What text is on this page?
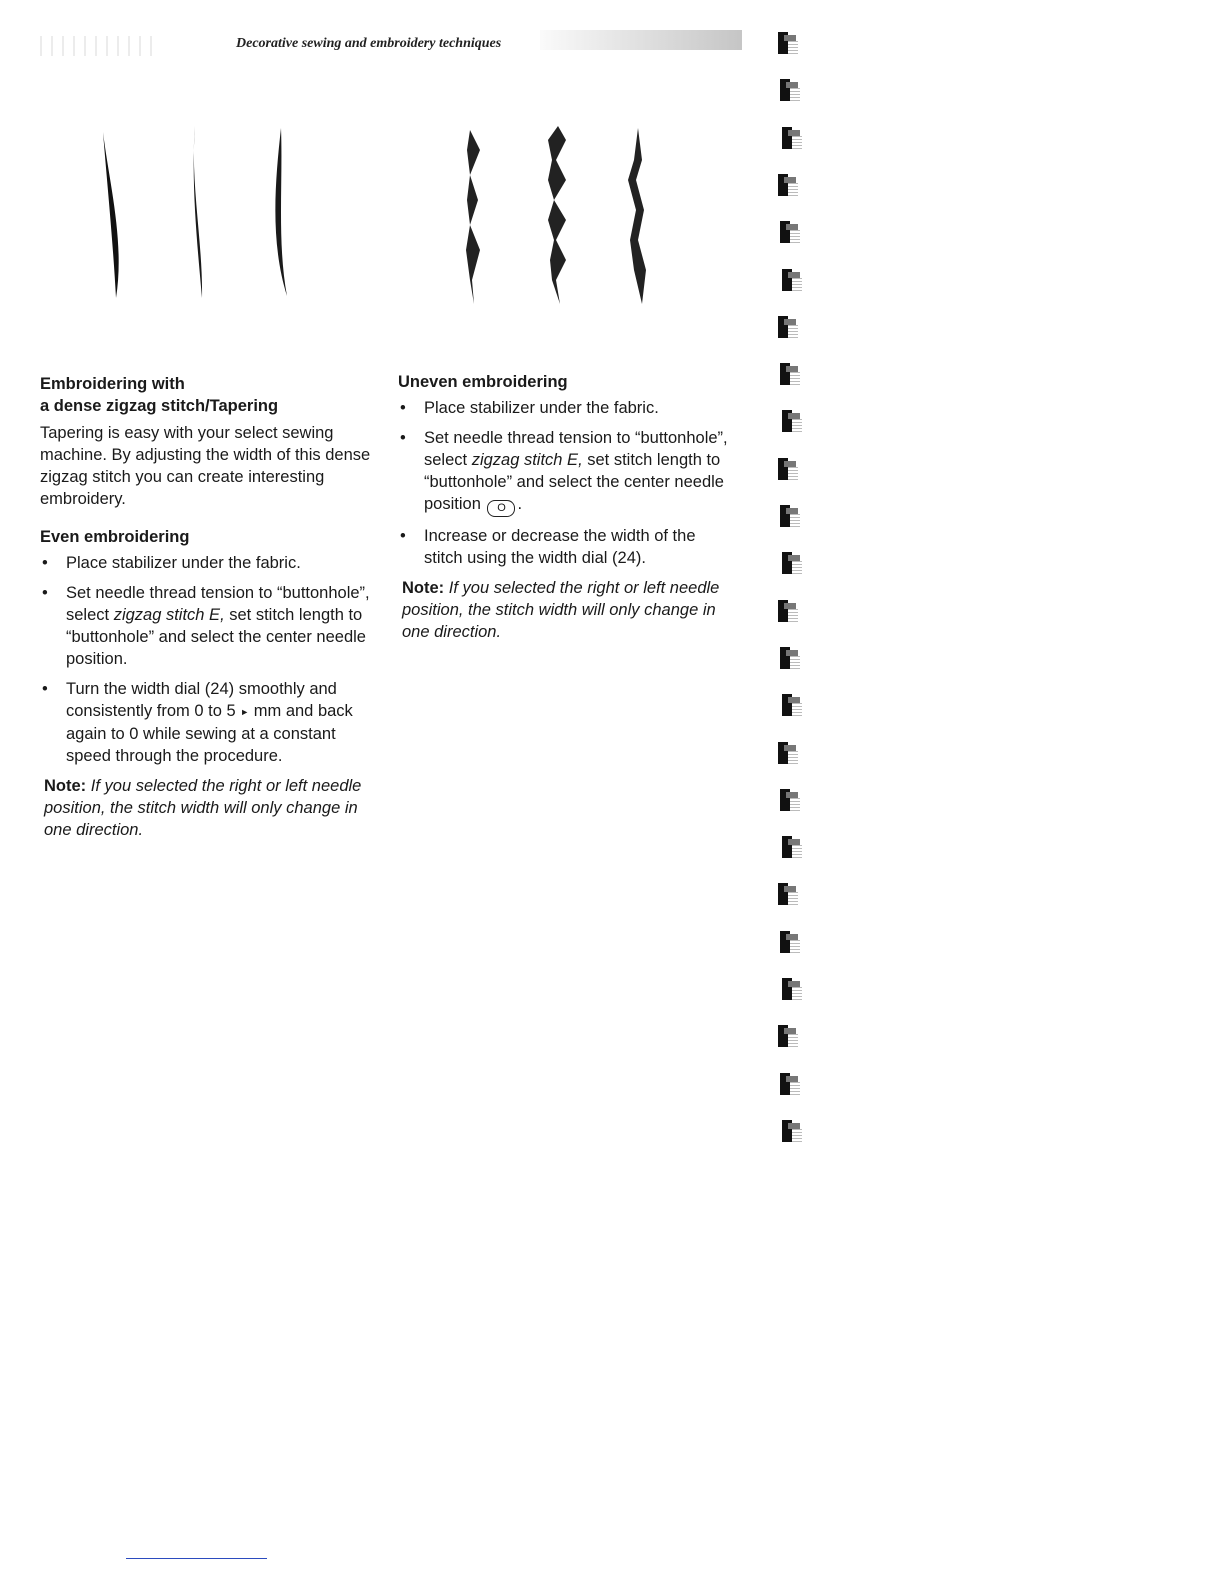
Decorative sewing and embroidery techniques

Embroidering with

a dense zigzag stitch/Tapering

Tapering is easy with your select sewing machine. By adjusting the width of this dense zigzag stitch you can create interesting embroidery.

Even embroidering

• Place stabilizer under the fabric.
• Set needle thread tension to “buttonhole”, select zigzag stitch E, set stitch length to “buttonhole” and select the center needle position.
• Turn the width dial (24) smoothly and consistently from 0 to 5 ► mm and back again to 0 while sewing at a constant speed through the procedure.

Note: If you selected the right or left needle position, the stitch width will only change in one direction.

Uneven embroidering

• Place stabilizer under the fabric.
• Set needle thread tension to “buttonhole”, select zigzag stitch E, set stitch length to “buttonhole” and select the center needle position O .
• Increase or decrease the width of the stitch using the width dial (24).

Note: If you selected the right or left needle position, the stitch width will only change in one direction.
